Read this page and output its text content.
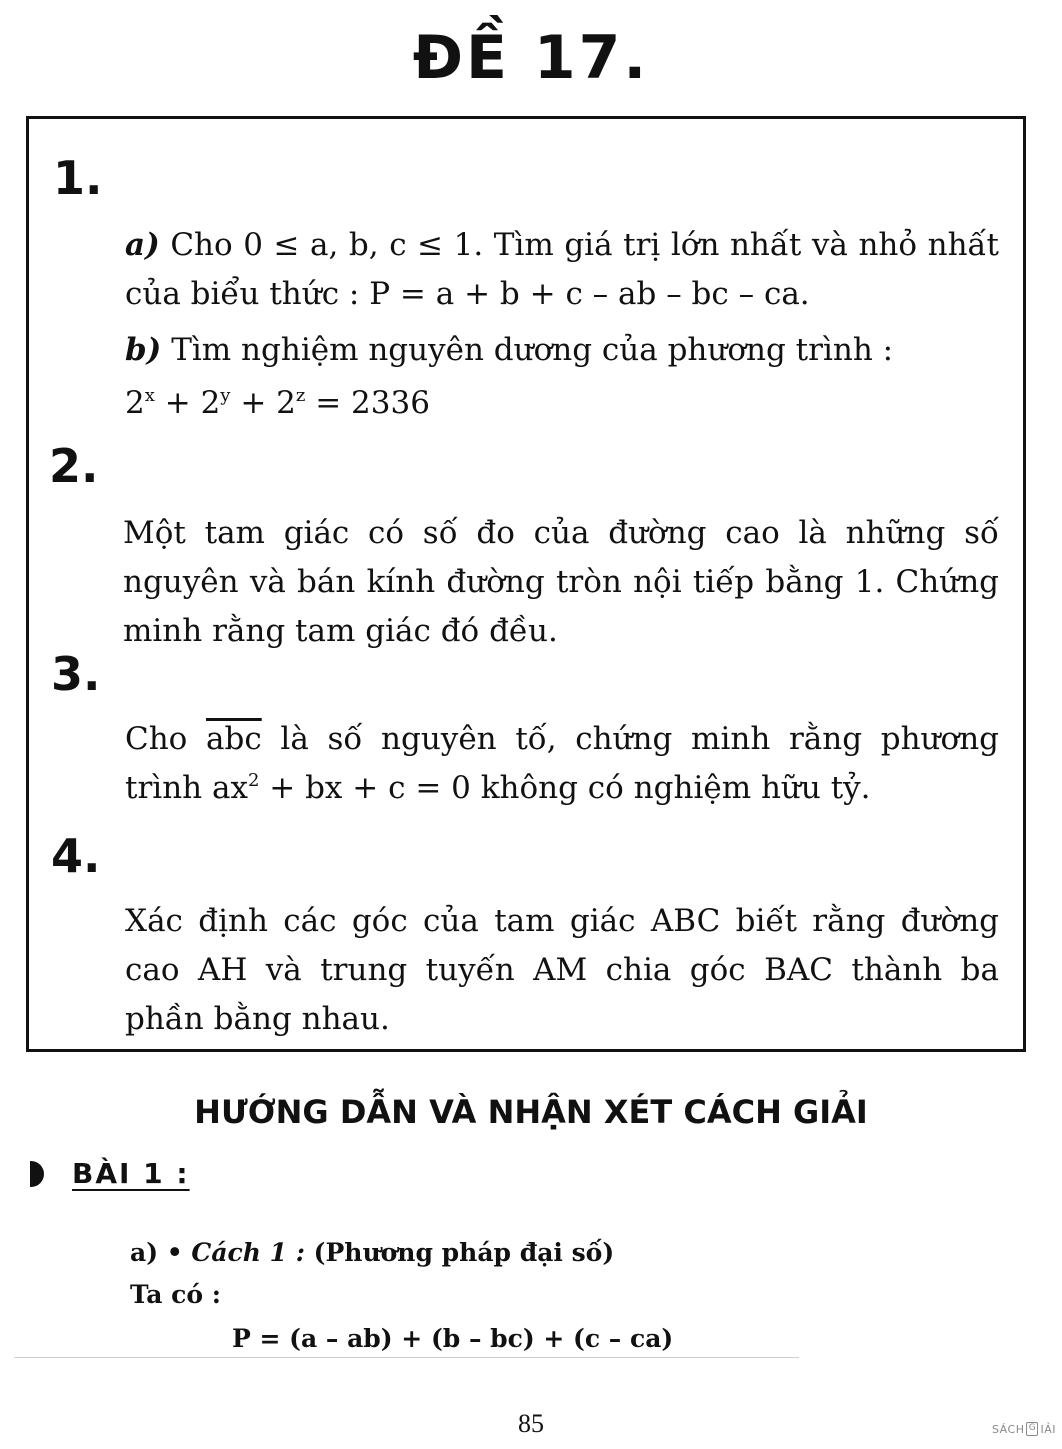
ĐỀ 17.
1.
a) Cho 0 ≤ a, b, c ≤ 1. Tìm giá trị lớn nhất và nhỏ nhất của biểu thức : P = a + b + c – ab – bc – ca.
b) Tìm nghiệm nguyên dương của phương trình :
$2^x + 2^y + 2^z = 2336$
2.
Một tam giác có số đo của đường cao là những số nguyên và bán kính đường tròn nội tiếp bằng 1. Chứng minh rằng tam giác đó đều.
3.
Cho $\overline{abc}$ là số nguyên tố, chứng minh rằng phương trình $ax^2$ + bx + c = 0 không có nghiệm hữu tỷ.
4.
Xác định các góc của tam giác ABC biết rằng đường cao AH và trung tuyến AM chia góc BAC thành ba phần bằng nhau.
HƯỚNG DẪN VÀ NHẬN XÉT CÁCH GIẢI
BÀI 1 :
a) • Cách 1 : (Phương pháp đại số)
Ta có :
P = (a – ab) + (b – bc) + (c – ca)
85	SÁCH G IẢI
